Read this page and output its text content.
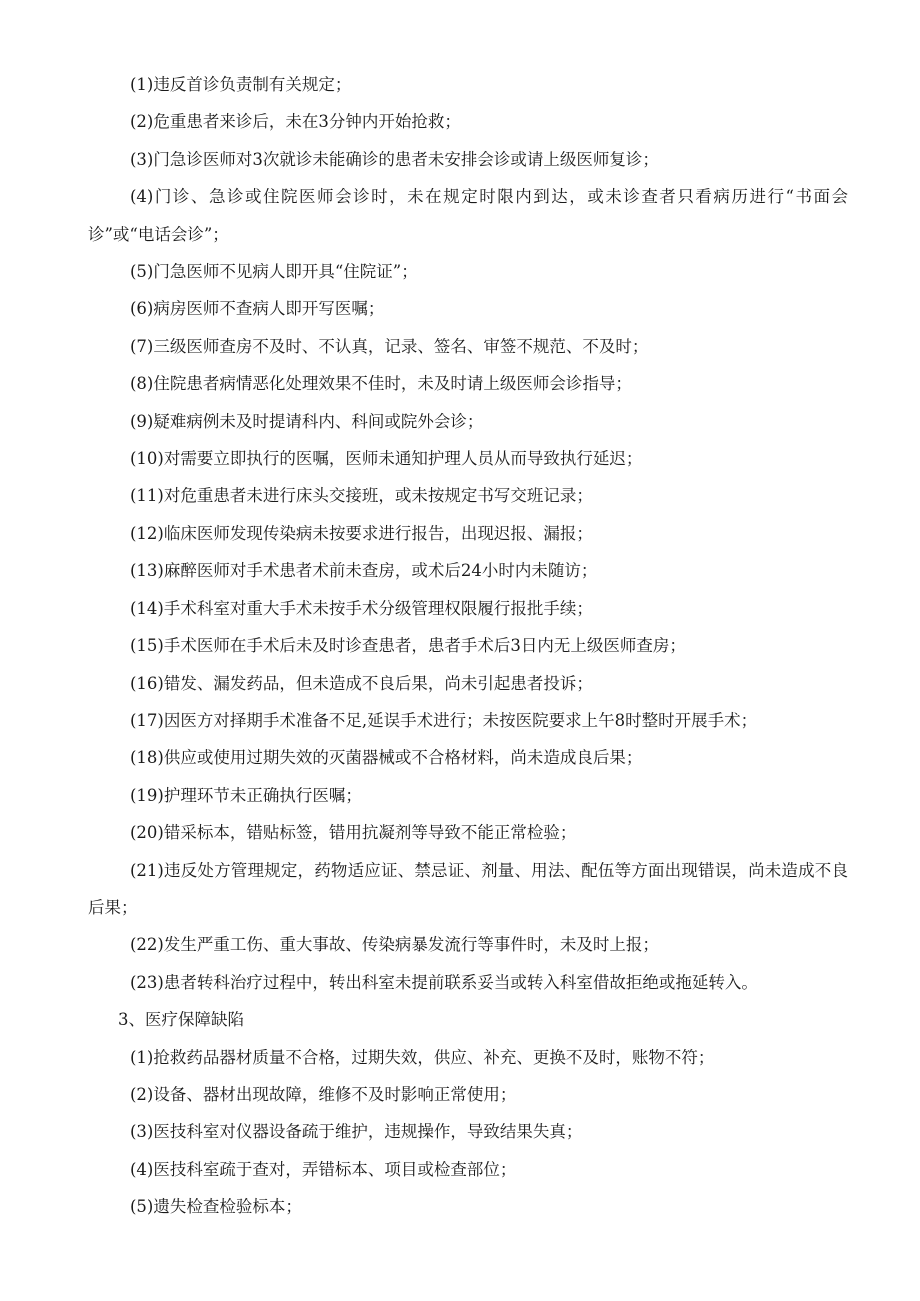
(1)违反首诊负责制有关规定；

(2)危重患者来诊后，未在3分钟内开始抢救；

(3)门急诊医师对3次就诊未能确诊的患者未安排会诊或请上级医师复诊；

(4)门诊、急诊或住院医师会诊时，未在规定时限内到达，或未诊查者只看病历进行“书面会诊”或“电话会诊”；

(5)门急医师不见病人即开具“住院证”；

(6)病房医师不查病人即开写医嘱；

(7)三级医师查房不及时、不认真，记录、签名、审签不规范、不及时；

(8)住院患者病情恶化处理效果不佳时，未及时请上级医师会诊指导；

(9)疑难病例未及时提请科内、科间或院外会诊；

(10)对需要立即执行的医嘱，医师未通知护理人员从而导致执行延迟；

(11)对危重患者未进行床头交接班，或未按规定书写交班记录；

(12)临床医师发现传染病未按要求进行报告，出现迟报、漏报；

(13)麻醉医师对手术患者术前未查房，或术后24小时内未随访；

(14)手术科室对重大手术未按手术分级管理权限履行报批手续；

(15)手术医师在手术后未及时诊查患者，患者手术后3日内无上级医师查房；

(16)错发、漏发药品，但未造成不良后果，尚未引起患者投诉；

(17)因医方对择期手术准备不足,延误手术进行；未按医院要求上午8时整时开展手术；

(18)供应或使用过期失效的灭菌器械或不合格材料，尚未造成良后果；

(19)护理环节未正确执行医嘱；

(20)错采标本，错贴标签，错用抗凝剂等导致不能正常检验；

(21)违反处方管理规定，药物适应证、禁忌证、剂量、用法、配伍等方面出现错误，尚未造成不良后果；

(22)发生严重工伤、重大事故、传染病暴发流行等事件时，未及时上报；

(23)患者转科治疗过程中，转出科室未提前联系妥当或转入科室借故拒绝或拖延转入。

3、医疗保障缺陷

(1)抢救药品器材质量不合格，过期失效，供应、补充、更换不及时，账物不符；

(2)设备、器材出现故障，维修不及时影响正常使用；

(3)医技科室对仪器设备疏于维护，违规操作，导致结果失真；

(4)医技科室疏于查对，弄错标本、项目或检查部位；

(5)遗失检查检验标本；
